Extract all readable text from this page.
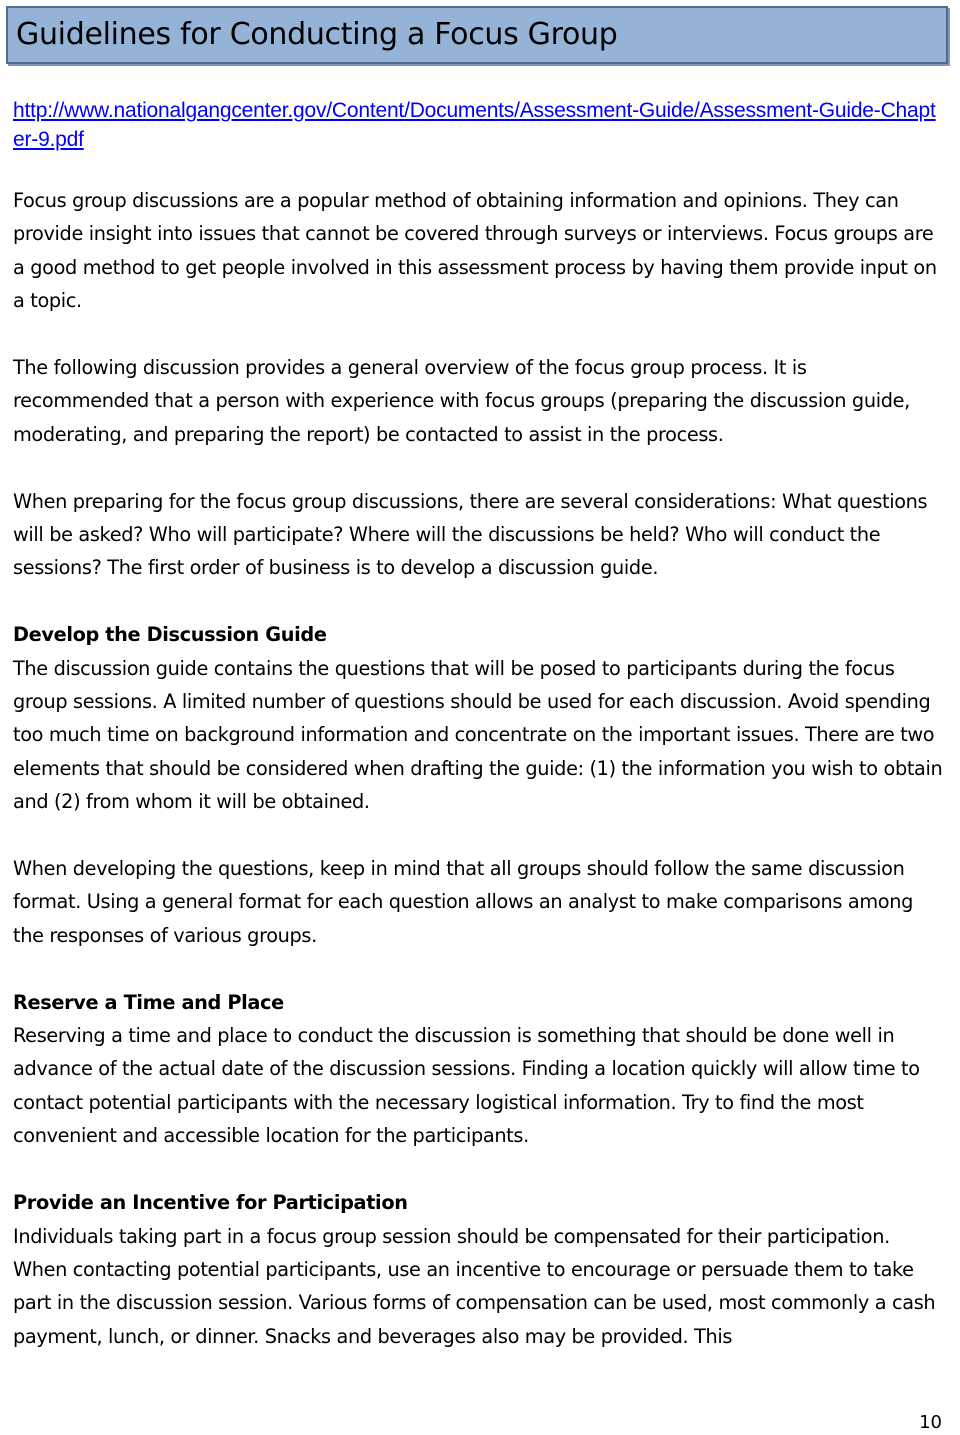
Guidelines for Conducting a Focus Group
http://www.nationalgangcenter.gov/Content/Documents/Assessment-Guide/Assessment-Guide-Chapter-9.pdf

Focus group discussions are a popular method of obtaining information and opinions. They can provide insight into issues that cannot be covered through surveys or interviews. Focus groups are a good method to get people involved in this assessment process by having them provide input on a topic.

The following discussion provides a general overview of the focus group process. It is recommended that a person with experience with focus groups (preparing the discussion guide, moderating, and preparing the report) be contacted to assist in the process.

When preparing for the focus group discussions, there are several considerations: What questions will be asked? Who will participate? Where will the discussions be held? Who will conduct the sessions? The first order of business is to develop a discussion guide.

Develop the Discussion Guide

The discussion guide contains the questions that will be posed to participants during the focus group sessions. A limited number of questions should be used for each discussion. Avoid spending too much time on background information and concentrate on the important issues. There are two elements that should be considered when drafting the guide: (1) the information you wish to obtain and (2) from whom it will be obtained.

When developing the questions, keep in mind that all groups should follow the same discussion format. Using a general format for each question allows an analyst to make comparisons among the responses of various groups.

Reserve a Time and Place

Reserving a time and place to conduct the discussion is something that should be done well in advance of the actual date of the discussion sessions. Finding a location quickly will allow time to contact potential participants with the necessary logistical information. Try to find the most convenient and accessible location for the participants.

Provide an Incentive for Participation

Individuals taking part in a focus group session should be compensated for their participation. When contacting potential participants, use an incentive to encourage or persuade them to take part in the discussion session. Various forms of compensation can be used, most commonly a cash payment, lunch, or dinner. Snacks and beverages also may be provided. This

10
